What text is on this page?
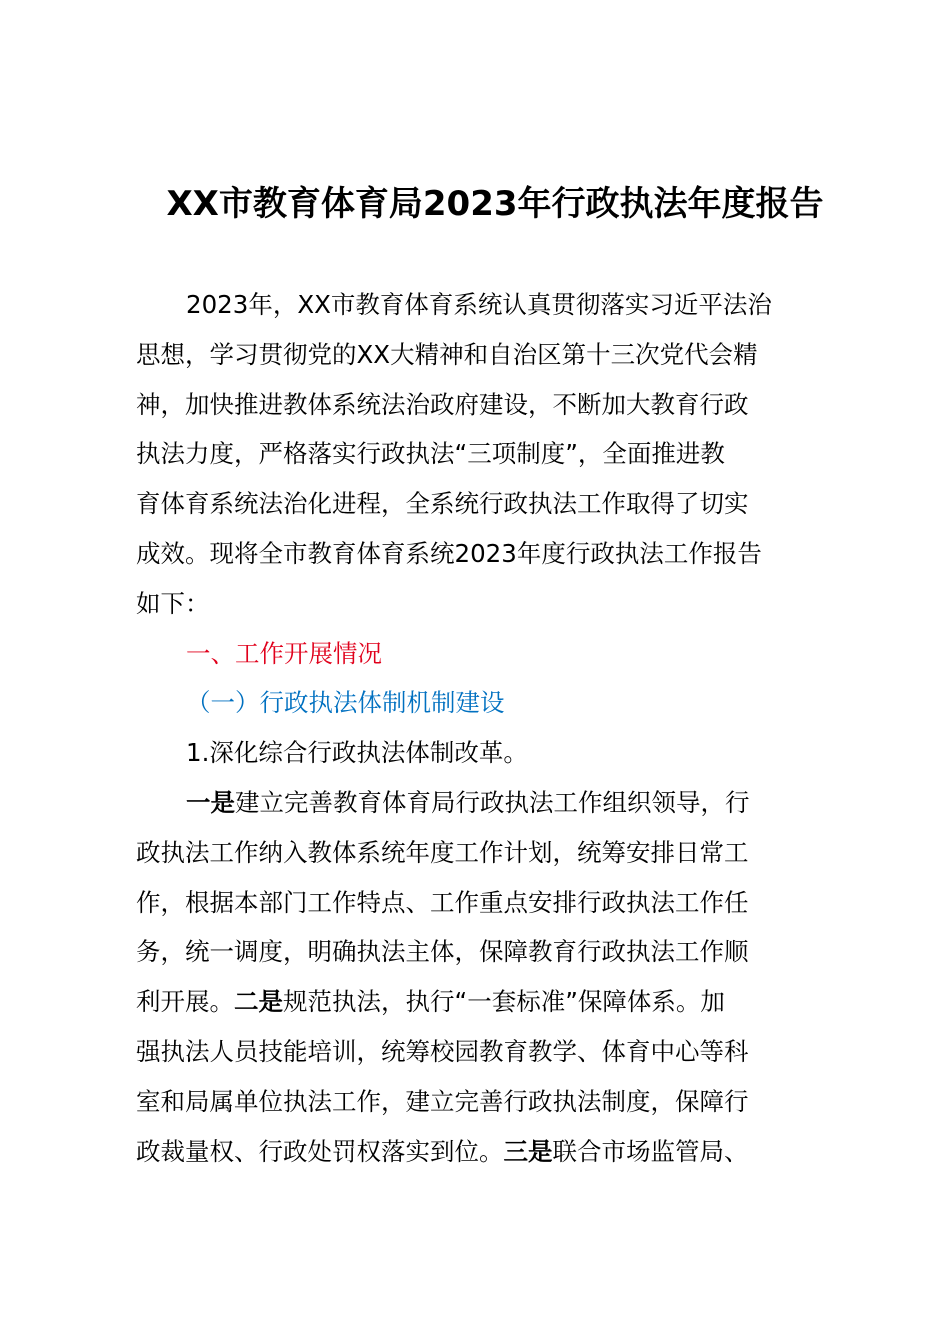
XX市教育体育局2023年行政执法年度报告
2023年，XX市教育体育系统认真贯彻落实习近平法治
思想，学习贯彻党的XX大精神和自治区第十三次党代会精
神，加快推进教体系统法治政府建设，不断加大教育行政
执法力度，严格落实行政执法“三项制度”，全面推进教
育体育系统法治化进程，全系统行政执法工作取得了切实
成效。现将全市教育体育系统2023年度行政执法工作报告
如下：
一、工作开展情况
（一）行政执法体制机制建设
1.深化综合行政执法体制改革。
一是建立完善教育体育局行政执法工作组织领导，行
政执法工作纳入教体系统年度工作计划，统筹安排日常工
作，根据本部门工作特点、工作重点安排行政执法工作任
务，统一调度，明确执法主体，保障教育行政执法工作顺
利开展。二是规范执法，执行“一套标准”保障体系。加
强执法人员技能培训，统筹校园教育教学、体育中心等科
室和局属单位执法工作，建立完善行政执法制度，保障行
政裁量权、行政处罚权落实到位。三是联合市场监管局、
